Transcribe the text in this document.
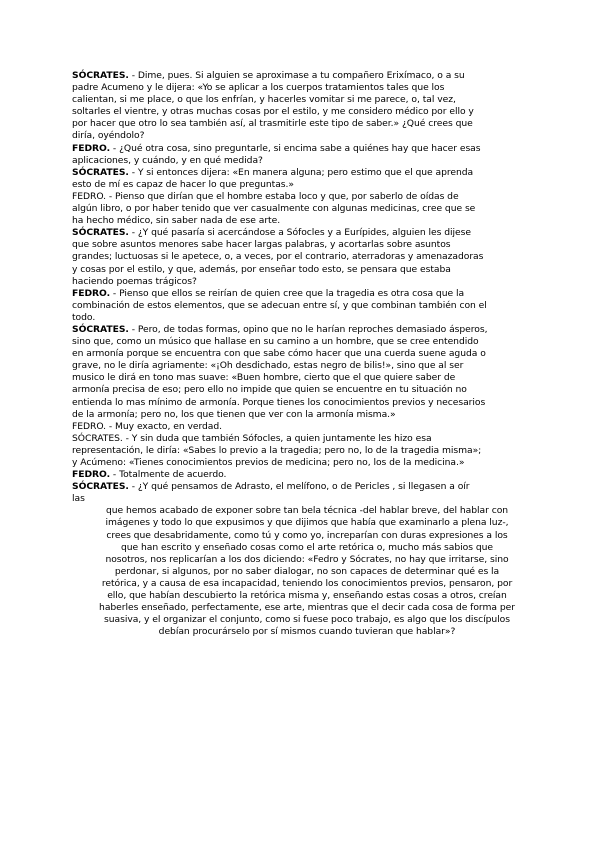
SÓCRATES. - Dime, pues. Si alguien se aproximase a tu compañero Erixímaco, o a su
padre Acumeno y le dijera: «Yo se aplicar a los cuerpos tratamientos tales que los
calientan, si me place, o que los enfrían, y hacerles vomitar si me parece, o, tal vez,
soltarles el vientre, y otras muchas cosas por el estilo, y me considero médico por ello y
por hacer que otro lo sea también así, al trasmitirle este tipo de saber.» ¿Qué crees que
diría, oyéndolo?

FEDRO. - ¿Qué otra cosa, sino preguntarle, si encima sabe a quiénes hay que hacer esas
aplicaciones, y cuándo, y en qué medida?

SÓCRATES. - Y si entonces dijera: «En manera alguna; pero estimo que el que aprenda
esto de mí es capaz de hacer lo que preguntas.»

FEDRO. - Pienso que dirían que el hombre estaba loco y que, por saberlo de oídas de
algún libro, o por haber tenido que ver casualmente con algunas medicinas, cree que se
ha hecho médico, sin saber nada de ese arte.

SÓCRATES. - ¿Y qué pasaría si acercándose a Sófocles y a Eurípides, alguien les dijese
que sobre asuntos menores sabe hacer largas palabras, y acortarlas sobre asuntos
grandes; luctuosas si le apetece, o, a veces, por el contrario, aterradoras y amenazadoras
y cosas por el estilo, y que, además, por enseñar todo esto, se pensara que estaba
haciendo poemas trágicos?

FEDRO. - Pienso que ellos se reirían de quien cree que la tragedia es otra cosa que la
combinación de estos elementos, que se adecuan entre sí, y que combinan también con el
todo.

SÓCRATES. - Pero, de todas formas, opino que no le harían reproches demasiado ásperos,
sino que, como un músico que hallase en su camino a un hombre, que se cree entendido
en armonía porque se encuentra con que sabe cómo hacer que una cuerda suene aguda o
grave, no le diría agriamente: «¡Oh desdichado, estas negro de bilis!», sino que al ser
musico le dirá en tono mas suave: «Buen hombre, cierto que el que quiere saber de
armonía precisa de eso; pero ello no impide que quien se encuentre en tu situación no
entienda lo mas mínimo de armonía. Porque tienes los conocimientos previos y necesarios
de la armonía; pero no, los que tienen que ver con la armonía misma.»

FEDRO. - Muy exacto, en verdad.

SÓCRATES. - Y sin duda que también Sófocles, a quien juntamente les hizo esa
representación, le diría: «Sabes lo previo a la tragedia; pero no, lo de la tragedia misma»;
y Acúmeno: «Tienes conocimientos previos de medicina; pero no, los de la medicina.»

FEDRO. - Totalmente de acuerdo.

SÓCRATES. - ¿Y qué pensamos de Adrasto, el melífono, o de Pericles , si llegasen a oír
las

que hemos acabado de exponer sobre tan bela técnica -del hablar breve, del hablar con
imágenes y todo lo que expusimos y que dijimos que había que examinarlo a plena luz-,
crees que desabridamente, como tú y como yo, increparían con duras expresiones a los
que han escrito y enseñado cosas como el arte retórica o, mucho más sabios que
nosotros, nos replicarían a los dos diciendo: «Fedro y Sócrates, no hay que irritarse, sino
perdonar, si algunos, por no saber dialogar, no son capaces de determinar qué es la
retórica, y a causa de esa incapacidad, teniendo los conocimientos previos, pensaron, por
ello, que habían descubierto la retórica misma y, enseñando estas cosas a otros, creían
haberles enseñado, perfectamente, ese arte, mientras que el decir cada cosa de forma per
suasiva, y el organizar el conjunto, como si fuese poco trabajo, es algo que los discípulos
debían procurárselo por sí mismos cuando tuvieran que hablar»?
